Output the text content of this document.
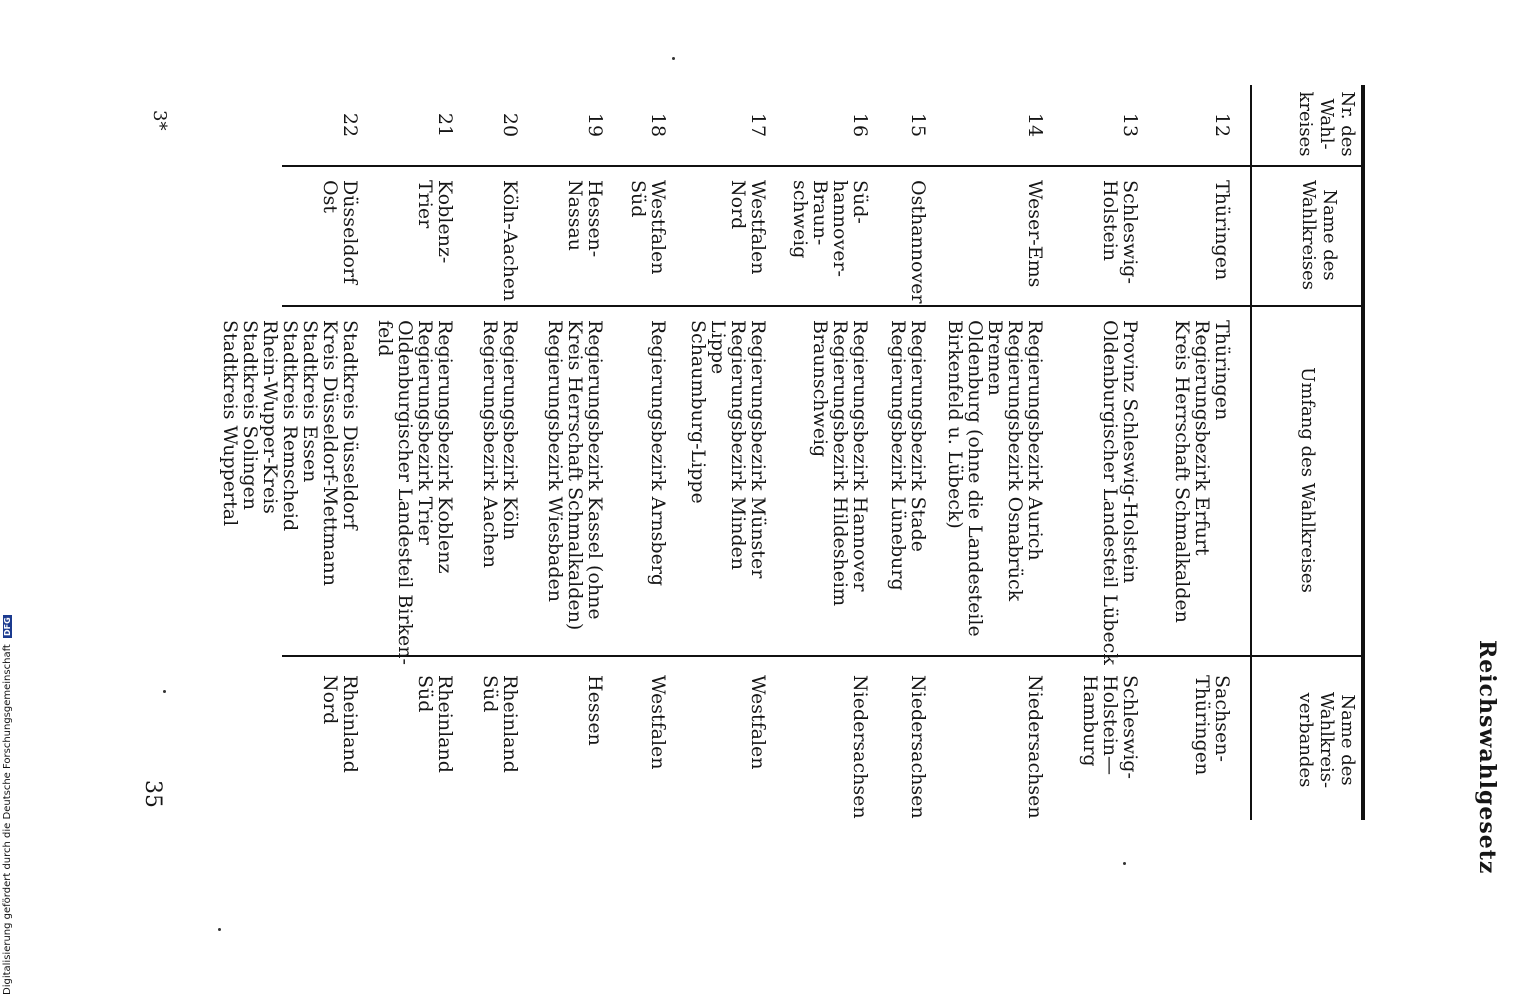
Reichswahlgesetz
Nr. des Wahl- kreises
Name des Wahlkreises
Umfang des Wahlkreises
Name des Wahlkreis- verbandes
12
13
14
15
16
17
18
19
20
21
22
Thüringen
Schleswig-
Holstein
Weser-Ems
Osthannover
Süd-
hannover-
Braun-
schweig
Westfalen
Nord
Westfalen
Süd
Hessen-
Nassau
Köln-Aachen
Koblenz-
Trier
Düsseldorf
Ost
Thüringen
Regierungsbezirk Erfurt
Kreis Herrschaft Schmalkalden
Provinz Schleswig-Holstein
Oldenburgischer Landesteil Lübeck
Regierungsbezirk Aurich
Regierungsbezirk Osnabrück
Bremen
Oldenburg (ohne die Landesteile
Birkenfeld u. Lübeck)
Regierungsbezirk Stade
Regierungsbezirk Lüneburg
Regierungsbezirk Hannover
Regierungsbezirk Hildesheim
Braunschweig
Regierungsbezirk Münster
Regierungsbezirk Minden
Lippe
Schaumburg-Lippe
Regierungsbezirk Arnsberg
Regierungsbezirk Kassel (ohne
Kreis Herrschaft Schmalkalden)
Regierungsbezirk Wiesbaden
Regierungsbezirk Köln
Regierungsbezirk Aachen
Regierungsbezirk Koblenz
Regierungsbezirk Trier
Oldenburgischer Landesteil Birken-
feld
Stadtkreis Düsseldorf
Kreis Düsseldorf-Mettmann
Stadtkreis Essen
Stadtkreis Remscheid
Rhein-Wupper-Kreis
Stadtkreis Solingen
Stadtkreis Wuppertal
Sachsen-
Thüringen
Schleswig-
Holstein—
Hamburg
Niedersachsen
Niedersachsen
Niedersachsen
Westfalen
Westfalen
Hessen
Rheinland
Süd
Rheinland
Süd
Rheinland
Nord
35
3*
Digitalisierung gefördert durch die Deutsche Forschungsgemeinschaft DFG
